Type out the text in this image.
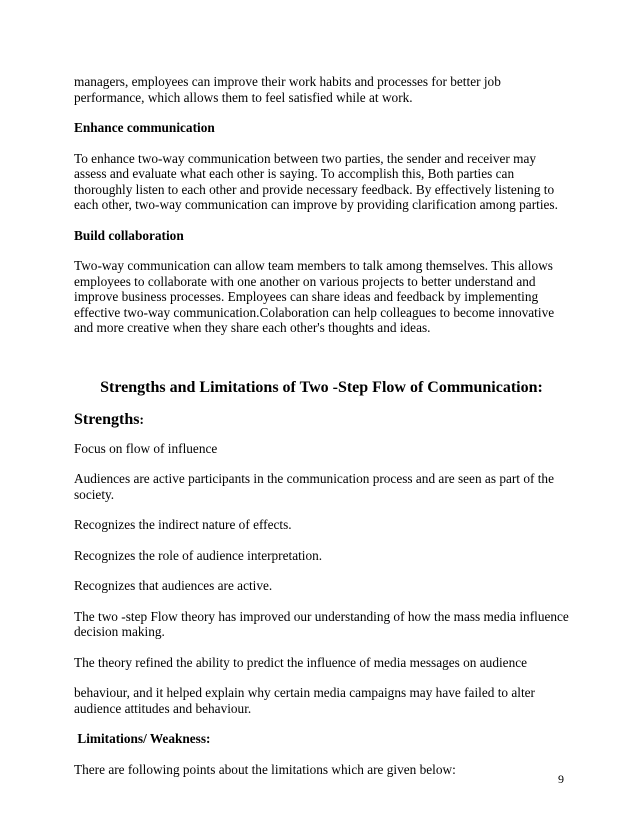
managers, employees can improve their work habits and processes for better job performance, which allows them to feel satisfied while at work.

Enhance communication

To enhance two-way communication between two parties, the sender and receiver may assess and evaluate what each other is saying. To accomplish this, Both parties can thoroughly listen to each other and provide necessary feedback. By effectively listening to each other, two-way communication can improve by providing clarification among parties.

Build collaboration

Two-way communication can allow team members to talk among themselves. This allows employees to collaborate with one another on various projects to better understand and improve business processes. Employees can share ideas and feedback by implementing effective two-way communication.Colaboration can help colleagues to become innovative and more creative when they share each other's thoughts and ideas.

Strengths and Limitations of Two -Step Flow of Communication:

Strengths:

Focus on flow of influence

Audiences are active participants in the communication process and are seen as part of the society.

Recognizes the indirect nature of effects.

Recognizes the role of audience interpretation.

Recognizes that audiences are active.

The two -step Flow theory has improved our understanding of how the mass media influence decision making.

The theory refined the ability to predict the influence of media messages on audience

behaviour, and it helped explain why certain media campaigns may have failed to alter audience attitudes and behaviour.

Limitations/ Weakness:

There are following points about the limitations which are given below:

9
